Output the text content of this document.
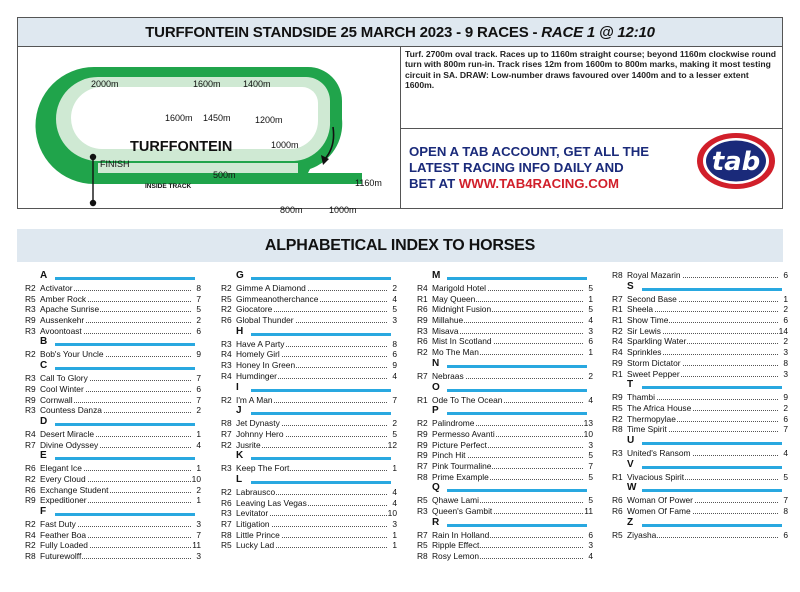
TURFFONTEIN STANDSIDE 25 MARCH 2023 - 9 RACES - RACE 1 @ 12:10
TURFFONTEIN
FINISH
INSIDE TRACK
STANDSIDE TRACK
2000m	1600m 1400m
1600m 1450m	1200m
1000m
500m
1160m
800m	1000m
Turf. 2700m oval track. Races up to 1160m straight course; beyond 1160m clockwise round turn with 800m run-in. Track rises 12m from 1600m to 800m marks, making it most testing circuit in SA. DRAW: Low-number draws favoured over 1400m and to a lesser extent 1600m.
OPEN A TAB ACCOUNT, GET ALL THE
LATEST RACING INFO DAILY AND
BET AT WWW.TAB4RACING.COM
tab
ALPHABETICAL INDEX TO HORSES
A
R2 Activator	8
R5 Amber Rock	7
R3 Apache Sunrise	5
R9 Aussenkehr	2
R3 Avoontoast	6
B
R2 Bob's Your Uncle	9
C
R3 Call To Glory	7
R9 Cool Winter	6
R9 Cornwall	7
R3 Countess Danza	2
D
R4 Desert Miracle	1
R7 Divine Odyssey	4
E
R6 Elegant Ice	1
R2 Every Cloud	10
R6 Exchange Student	2
R9 Expeditioner	1
F
R2 Fast Duty	3
R4 Feather Boa	7
R2 Fully Loaded	11
R8 Futurewolff	3
G
R2 Gimme A Diamond	2
R5 Gimmeanotherchance	4
R2 Giocatore	5
R6 Global Thunder	3
H
R3 Have A Party	8
R4 Homely Girl	6
R3 Honey In Green	9
R4 Humdinger	4
I
R2 I'm A Man	7
J
R8 Jet Dynasty	2
R7 Johnny Hero	5
R2 Jusrite	12
K
R3 Keep The Fort	1
L
R2 Labrausco	4
R6 Leaving Las Vegas	4
R3 Levitator	10
R7 Litigation	3
R8 Little Prince	1
R5 Lucky Lad	1
M
R4 Marigold Hotel	5
R1 May Queen	1
R6 Midnight Fusion	5
R9 Millahue	4
R3 Misava	3
R6 Mist In Scotland	6
R2 Mo The Man	1
N
R7 Nebraas	2
O
R1 Ode To The Ocean	4
P
R2 Palindrome	13
R9 Permesso Avanti	10
R9 Picture Perfect	3
R9 Pinch Hit	5
R7 Pink Tourmaline	7
R8 Prime Example	5
Q
R5 Qhawe Lami	5
R3 Queen's Gambit	11
R
R7 Rain In Holland	6
R5 Ripple Effect	3
R8 Rosy Lemon	4
R8 Royal Mazarin	6
S
R7 Second Base	1
R1 Sheela	2
R1 Show Time	6
R2 Sir Lewis	14
R4 Sparkling Water	2
R4 Sprinkles	3
R9 Storm Dictator	8
R1 Sweet Pepper	3
T
R9 Thambi	9
R5 The Africa House	2
R2 Thermopylae	6
R8 Time Spirit	7
U
R3 United's Ransom	4
V
R1 Vivacious Spirit	5
W
R6 Woman Of Power	7
R6 Women Of Fame	8
Z
R5 Ziyasha	6
